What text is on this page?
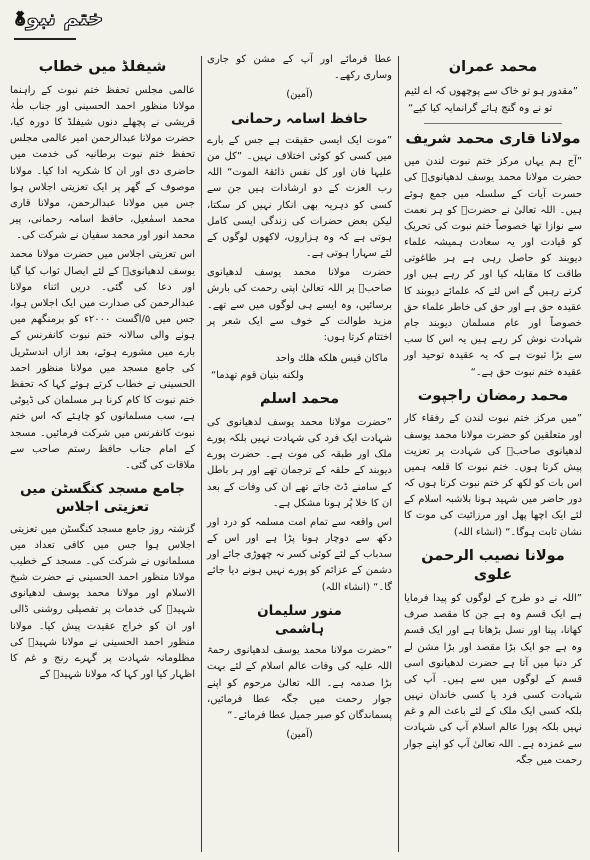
ختم نبوۃ
محمد عمران
”مقدور ہو تو خاک سے پوچھوں کہ اے لئیم
تو نے وہ گنج ہائے گرانمایہ کیا کیے“
مولانا قاری محمد شریف

”آج ہم یہاں مرکز ختم نبوت لندن میں حضرت مولانا محمد یوسف لدھیانویؒ کی حسرت آیات کے سلسلہ میں جمع ہوئے ہیں۔ اللہ تعالیٰ نے حضرتؒ کو ہر نعمت سے نوازا تھا خصوصاً ختم نبوت کی تحریک کو قیادت اور یہ سعادت ہمیشہ علماء دیوبند کو حاصل رہی ہے ہر طاغوتی طاقت کا مقابلہ کیا اور کر رہے ہیں اور کرتے رہیں گے اس لئے کہ علمائے دیوبند کا عقیدہ حق ہے اور حق کی خاطر علماء حق خصوصاً اور عام مسلمان دیوبند جام شہادت نوش کر رہے ہیں یہ اس کا سب سے بڑا ثبوت ہے کہ یہ عقیدہ توحید اور عقیدہ ختم نبوت حق ہے۔“

محمد رمضان راجپوت

”میں مرکز ختم نبوت لندن کے رفقاء کار اور متعلقین کو حضرت مولانا محمد یوسف لدھیانوی صاحبؒ کی شہادت پر تعزیت پیش کرتا ہوں۔ ختم نبوت کا قلعہ ہمیں اس بات کو لکھ کر ختم نبوت کرتا ہوں کہ دور حاضر میں شہید ہونا بلاشبہ اسلام کے لئے ایک اچھا پھل اور مرزائیت کی موت کا نشان ثابت ہوگا۔“ (انشاء اللہ)

مولانا نصیب الرحمن علوی

”اللہ نے دو طرح کے لوگوں کو پیدا فرمایا ہے ایک قسم وہ ہے جن کا مقصد صرف کھانا، پینا اور نسل بڑھانا ہے اور ایک قسم وہ ہے جو ایک بڑا مقصد اور بڑا مشن لے کر دنیا میں آتا ہے حضرت لدھیانوی اسی قسم کے لوگوں میں سے ہیں۔ آپ کی شہادت کسی فرد یا کسی خاندان نہیں بلکہ کسی ایک ملک کے لئے باعث الم و غم نہیں بلکہ پورا عالم اسلام آپ کی شہادت سے غمزدہ ہے۔ اللہ تعالیٰ آپ کو اپنے جوار رحمت میں جگہ

عطا فرمائے اور آپ کے مشن کو جاری وساری رکھے۔

(آمین)

حافظ اسامہ رحمانی

”موت ایک ایسی حقیقت ہے جس کے بارے میں کسی کو کوئی اختلاف نہیں۔ ”کل من علیہا فان اور کل نفس ذائقۃ الموت“ اللہ رب العزت کے دو ارشادات ہیں جن سے کسی کو دہریہ بھی انکار نہیں کر سکتا، لیکن بعض حضرات کی زندگی ایسی کامل ہوتی ہے کہ وہ ہزاروں، لاکھوں لوگوں کے لئے سہارا ہوتی ہے۔

حضرت مولانا محمد یوسف لدھیانوی صاحبؒ پر اللہ تعالیٰ اپنی رحمت کی بارش برسائیں، وہ ایسے ہی لوگوں میں سے تھے۔ مزید طوالت کے خوف سے ایک شعر پر اختتام کرتا ہوں:

ماكان قيس هلكه هلك واحد
ولكنه بنيان قوم تهدما“
محمد اسلم

”حضرت مولانا محمد یوسف لدھیانوی کی شہادت ایک فرد کی شہادت نہیں بلکہ پورے ملک اور طبقہ کی موت ہے۔ حضرت پورے دیوبند کے حلقہ کے ترجمان تھے اور ہر باطل کے سامنے ڈٹ جاتے تھے ان کی وفات کے بعد ان کا خلا پُر ہونا مشکل ہے۔

اس واقعہ سے تمام امت مسلمہ کو درد اور دکھ سے دوچار ہونا پڑا ہے اور اس کے سدباب کے لئے کوئی کسر نہ چھوڑی جائے اور دشمن کے عزائم کو پورے نہیں ہونے دیا جائے گا۔“ (انشاء اللہ)

منور سلیمان ہاشمی

”حضرت مولانا محمد یوسف لدھیانوی رحمۃ اللہ علیہ کی وفات عالم اسلام کے لئے بہت بڑا صدمہ ہے۔ اللہ تعالیٰ مرحوم کو اپنے جوار رحمت میں جگہ عطا فرمائیں، پسماندگان کو صبر جمیل عطا فرمائے۔“

(آمین)

شیفلڈ میں خطاب

عالمی مجلس تحفظ ختم نبوت کے راہنما مولانا منظور احمد الحسینی اور جناب طٰہٰ قریشی نے پچھلے دنوں شیفلڈ کا دورہ کیا، حضرت مولانا عبدالرحمن امیر عالمی مجلس تحفظ ختم نبوت برطانیہ کی خدمت میں حاضری دی اور ان کا شکریہ ادا کیا۔ مولانا موصوف کے گھر پر ایک تعزیتی اجلاس ہوا جس میں مولانا عبدالرحمن، مولانا قاری محمد اسمٰعیل، حافظ اسامہ رحمانی، پیر محمد انور اور محمد سفیان نے شرکت کی۔

اس تعزیتی اجلاس میں حضرت مولانا محمد یوسف لدھیانویؒ کے لئے ایصال ثواب کیا گیا اور دعا کی گئی۔ دریں اثناء مولانا عبدالرحمن کی صدارت میں ایک اجلاس ہوا، جس میں ۵/اگست ۲۰۰۰ء کو برمنگھم میں ہونے والی سالانہ ختم نبوت کانفرنس کے بارے میں مشورے ہوئے، بعد ازاں اندسٹریل کی جامع مسجد میں مولانا منظور احمد الحسینی نے خطاب کرتے ہوئے کہا کہ تحفظ ختم نبوت کا کام کرنا ہر مسلمان کی ڈیوٹی ہے، سب مسلمانوں کو چاہئے کہ اس ختم نبوت کانفرنس میں شرکت فرمائیں۔ مسجد کے امام جناب حافظ رستم صاحب سے ملاقات کی گئی۔

جامع مسجد کنگسٹن میں تعزیتی اجلاس

گزشتہ روز جامع مسجد کنگسٹن میں تعزیتی اجلاس ہوا جس میں کافی تعداد میں مسلمانوں نے شرکت کی۔ مسجد کے خطیب مولانا منظور احمد الحسینی نے حضرت شیخ الاسلام اور مولانا محمد یوسف لدھیانوی شہیدؒ کی خدمات پر تفصیلی روشنی ڈالی اور ان کو خراج عقیدت پیش کیا۔ مولانا منظور احمد الحسینی نے مولانا شہیدؒ کی مظلومانہ شہادت پر گہرے رنج و غم کا اظہار کیا اور کہا کہ مولانا شہیدؒ کے
